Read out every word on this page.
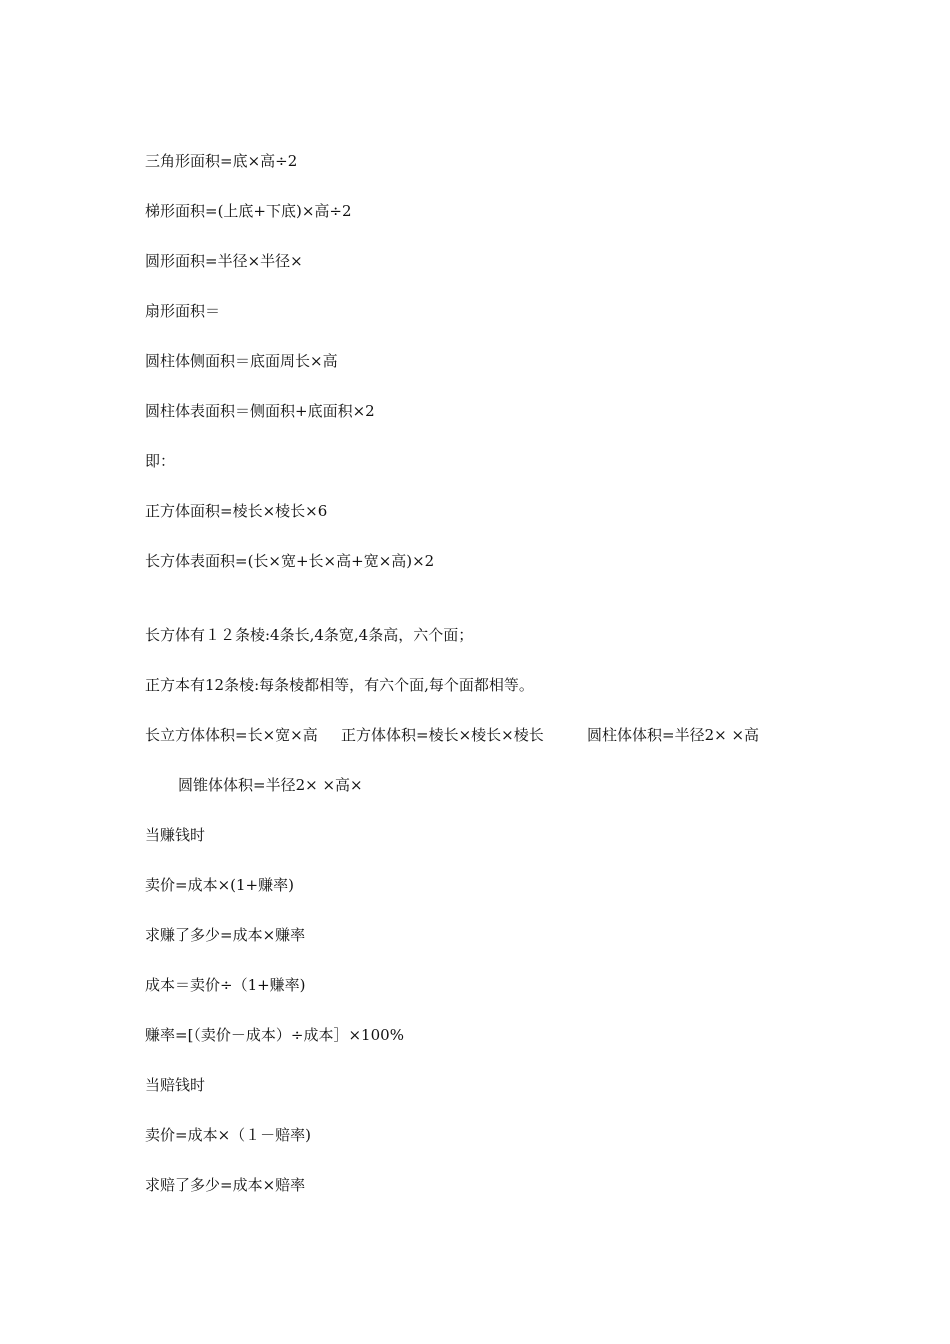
三角形面积=底×高÷2
梯形面积=(上底+下底)×高÷2
圆形面积=半径×半径×
扇形面积＝
圆柱体侧面积＝底面周长×高
圆柱体表面积＝侧面积+底面积×2
即：
正方体面积=棱长×棱长×6
长方体表面积=(长×宽+长×高+宽×高)×2
长方体有１２条棱:4条长,4条宽,4条高，六个面；
正方本有12条棱:每条棱都相等，有六个面,每个面都相等。

长立方体体积=长×宽×高

正方体体积=棱长×棱长×棱长

	圆柱体体积=半径2× ×高

圆锥体体积=半径2× ×高×
当赚钱时
卖价=成本×(1+赚率)
求赚了多少=成本×赚率
成本＝卖价÷（1+赚率)
赚率=[（卖价－成本）÷成本］×100%
当赔钱时
卖价=成本×（１－赔率)
求赔了多少=成本×赔率
